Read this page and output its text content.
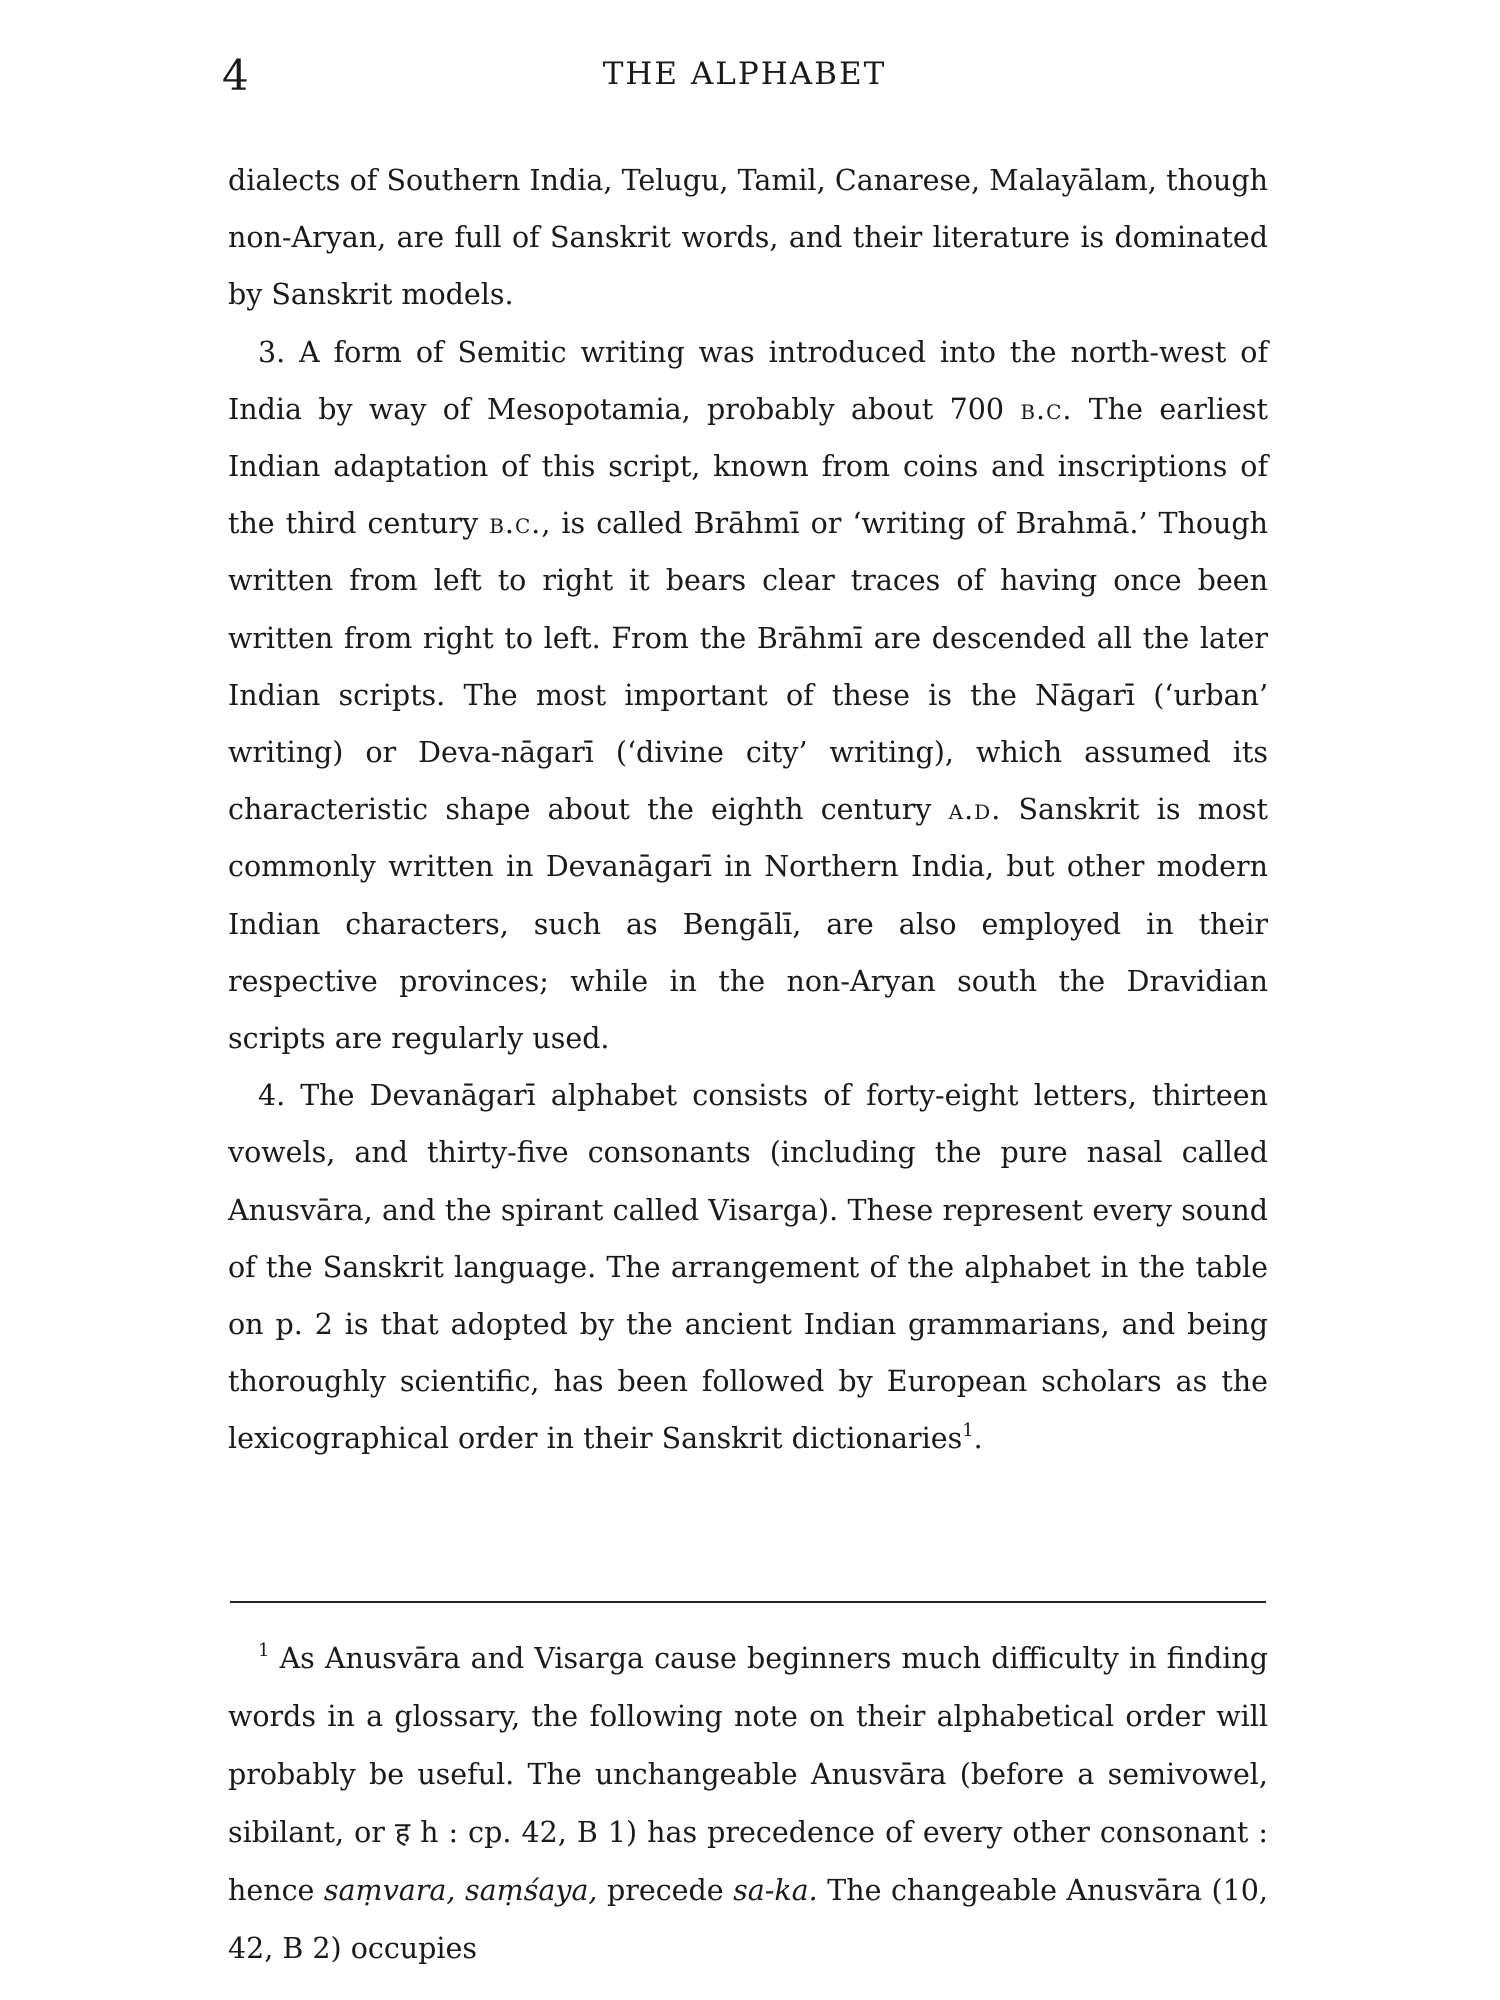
4	THE ALPHABET

dialects of Southern India, Telugu, Tamil, Canarese, Malayālam, though non-Aryan, are full of Sanskrit words, and their literature is dominated by Sanskrit models.

3. A form of Semitic writing was introduced into the north-west of India by way of Mesopotamia, probably about 700 b.c. The earliest Indian adaptation of this script, known from coins and inscriptions of the third century b.c., is called Brāhmī or ‘writing of Brahmā.’ Though written from left to right it bears clear traces of having once been written from right to left. From the Brāhmī are descended all the later Indian scripts. The most important of these is the Nāgarī (‘urban’ writing) or Deva-nāgarī (‘divine city’ writing), which assumed its characteristic shape about the eighth century a.d. Sanskrit is most commonly written in Devanāgarī in Northern India, but other modern Indian characters, such as Bengālī, are also employed in their respective provinces; while in the non-Aryan south the Dravidian scripts are regularly used.

4. The Devanāgarī alphabet consists of forty-eight letters, thirteen vowels, and thirty-five consonants (including the pure nasal called Anusvāra, and the spirant called Visarga). These represent every sound of the Sanskrit language. The arrangement of the alphabet in the table on p. 2 is that adopted by the ancient Indian grammarians, and being thoroughly scientific, has been followed by European scholars as the lexicographical order in their Sanskrit dictionaries$^1$.

$^1$ As Anusvāra and Visarga cause beginners much difficulty in finding words in a glossary, the following note on their alphabetical order will probably be useful. The unchangeable Anusvāra (before a semivowel, sibilant, or ह h : cp. 42, B 1) has precedence of every other consonant : hence saṃvara, saṃśaya, precede sa-ka. The changeable Anusvāra (10, 42, B 2) occupies
